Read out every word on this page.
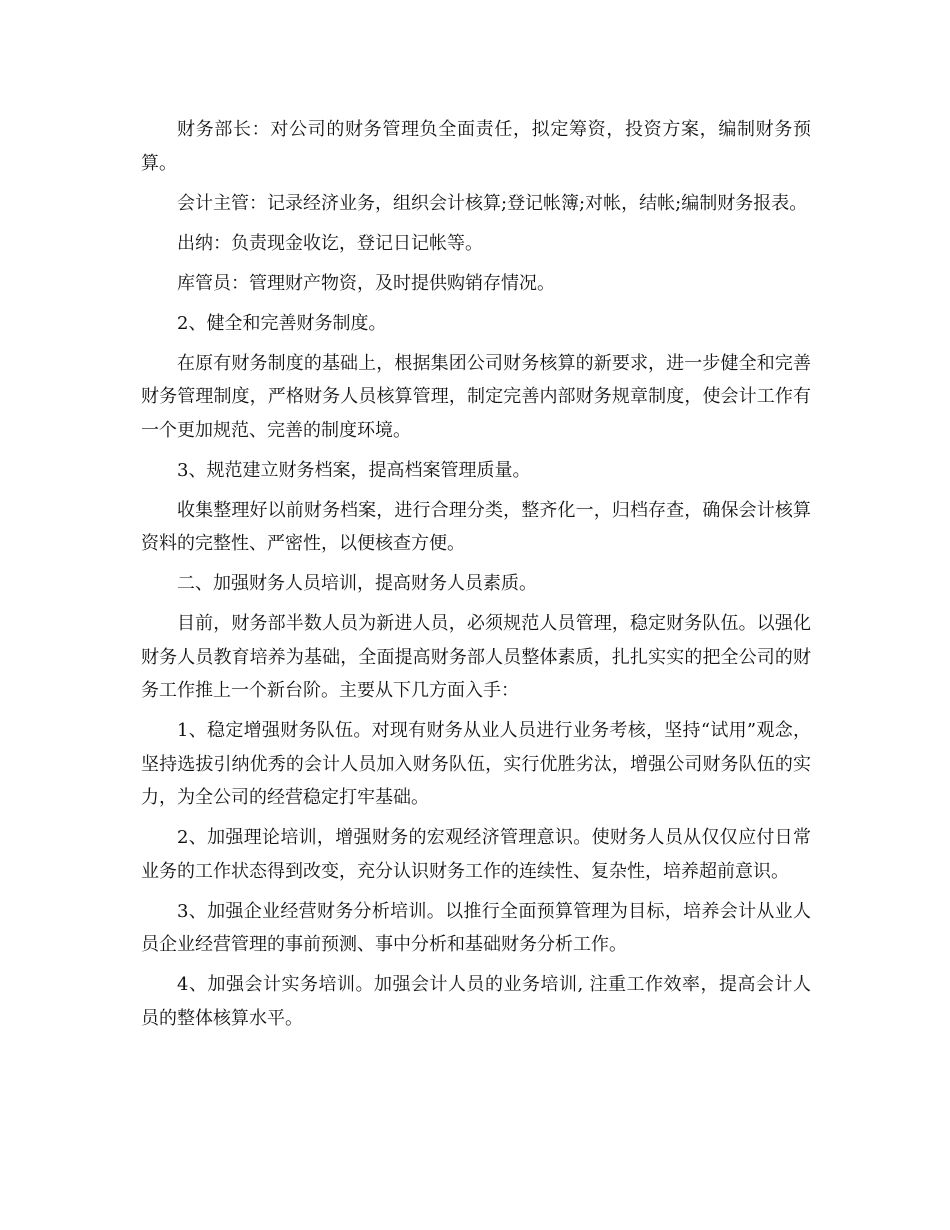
财务部长：对公司的财务管理负全面责任，拟定筹资，投资方案，编制财务预算。

会计主管：记录经济业务，组织会计核算;登记帐簿;对帐，结帐;编制财务报表。

出纳：负责现金收讫，登记日记帐等。

库管员：管理财产物资，及时提供购销存情况。

2、健全和完善财务制度。

在原有财务制度的基础上，根据集团公司财务核算的新要求，进一步健全和完善财务管理制度，严格财务人员核算管理，制定完善内部财务规章制度，使会计工作有一个更加规范、完善的制度环境。

3、规范建立财务档案，提高档案管理质量。

收集整理好以前财务档案，进行合理分类，整齐化一，归档存查，确保会计核算资料的完整性、严密性，以便核查方便。

二、加强财务人员培训，提高财务人员素质。

目前，财务部半数人员为新进人员，必须规范人员管理，稳定财务队伍。以强化财务人员教育培养为基础，全面提高财务部人员整体素质，扎扎实实的把全公司的财务工作推上一个新台阶。主要从下几方面入手：

1、稳定增强财务队伍。对现有财务从业人员进行业务考核，坚持“试用”观念，坚持选拔引纳优秀的会计人员加入财务队伍，实行优胜劣汰，增强公司财务队伍的实力，为全公司的经营稳定打牢基础。

2、加强理论培训，增强财务的宏观经济管理意识。使财务人员从仅仅应付日常业务的工作状态得到改变，充分认识财务工作的连续性、复杂性，培养超前意识。

3、加强企业经营财务分析培训。以推行全面预算管理为目标，培养会计从业人员企业经营管理的事前预测、事中分析和基础财务分析工作。

4、加强会计实务培训。加强会计人员的业务培训, 注重工作效率，提高会计人员的整体核算水平。
